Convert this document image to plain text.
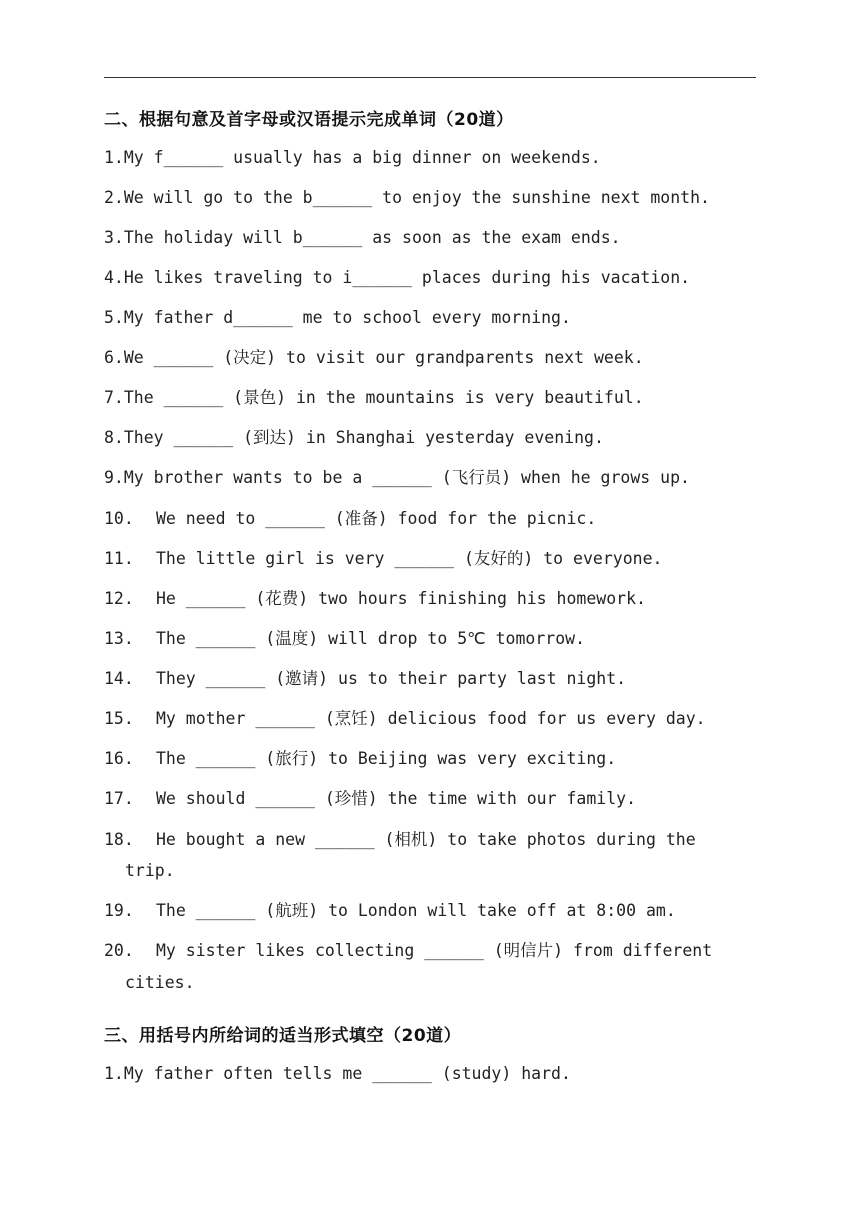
二、根据句意及首字母或汉语提示完成单词（20道）
1.My f______ usually has a big dinner on weekends.
2.We will go to the b______ to enjoy the sunshine next month.
3.The holiday will b______ as soon as the exam ends.
4.He likes traveling to i______ places during his vacation.
5.My father d______ me to school every morning.
6.We ______ (决定) to visit our grandparents next week.
7.The ______ (景色) in the mountains is very beautiful.
8.They ______ (到达) in Shanghai yesterday evening.
9.My brother wants to be a ______ (飞行员) when he grows up.
10. We need to ______ (准备) food for the picnic.
11. The little girl is very ______ (友好的) to everyone.
12. He ______ (花费) two hours finishing his homework.
13. The ______ (温度) will drop to 5℃ tomorrow.
14. They ______ (邀请) us to their party last night.
15. My mother ______ (烹饪) delicious food for us every day.
16. The ______ (旅行) to Beijing was very exciting.
17. We should ______ (珍惜) the time with our family.
18. He bought a new ______ (相机) to take photos during the
trip.
19. The ______ (航班) to London will take off at 8:00 am.
20. My sister likes collecting ______ (明信片) from different
cities.
三、用括号内所给词的适当形式填空（20道）
1.My father often tells me ______ (study) hard.
